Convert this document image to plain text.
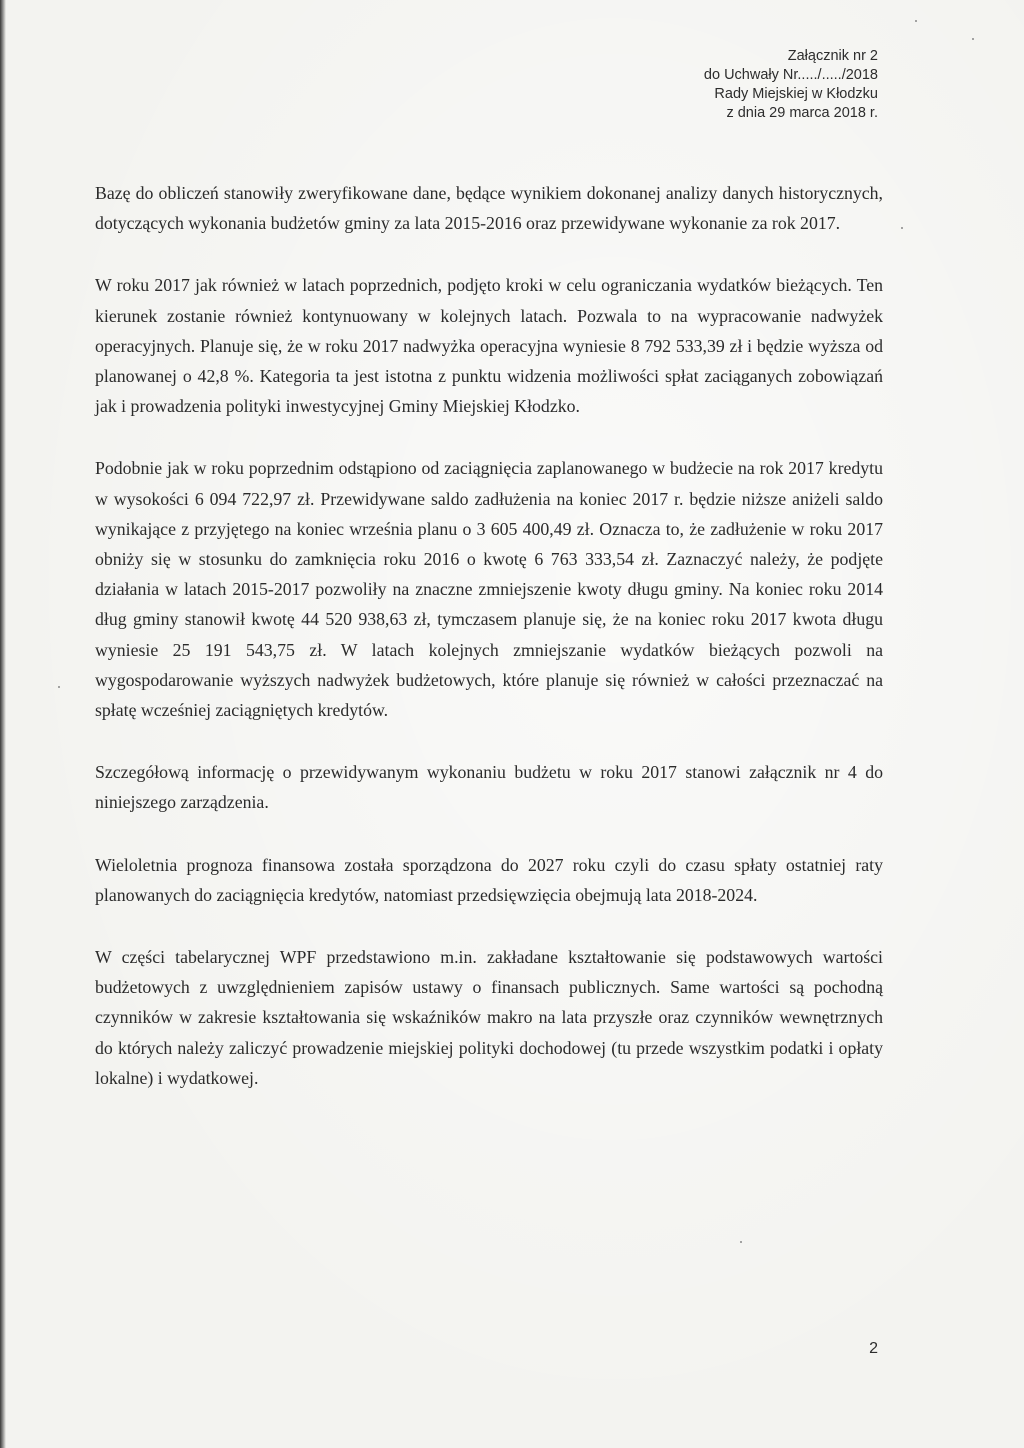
Załącznik nr 2
do Uchwały Nr...../...../2018
Rady Miejskiej w Kłodzku
z dnia 29 marca 2018 r.

Bazę do obliczeń stanowiły zweryfikowane dane, będące wynikiem dokonanej analizy danych historycznych, dotyczących wykonania budżetów gminy za lata 2015-2016 oraz przewidywane wykonanie za rok 2017.

W roku 2017 jak również w latach poprzednich, podjęto kroki w celu ograniczania wydatków bieżących. Ten kierunek zostanie również kontynuowany w kolejnych latach. Pozwala to na wypracowanie nadwyżek operacyjnych. Planuje się, że w roku 2017 nadwyżka operacyjna wyniesie 8 792 533,39 zł i będzie wyższa od planowanej o 42,8 %. Kategoria ta jest istotna z punktu widzenia możliwości spłat zaciąganych zobowiązań jak i prowadzenia polityki inwestycyjnej Gminy Miejskiej Kłodzko.

Podobnie jak w roku poprzednim odstąpiono od zaciągnięcia zaplanowanego w budżecie na rok 2017 kredytu w wysokości 6 094 722,97 zł. Przewidywane saldo zadłużenia na koniec 2017 r. będzie niższe aniżeli saldo wynikające z przyjętego na koniec września planu o 3 605 400,49 zł. Oznacza to, że zadłużenie w roku 2017 obniży się w stosunku do zamknięcia roku 2016 o kwotę 6 763 333,54 zł. Zaznaczyć należy, że podjęte działania w latach 2015-2017 pozwoliły na znaczne zmniejszenie kwoty długu gminy. Na koniec roku 2014 dług gminy stanowił kwotę 44 520 938,63 zł, tymczasem planuje się, że na koniec roku 2017 kwota długu wyniesie 25 191 543,75 zł. W latach kolejnych zmniejszanie wydatków bieżących pozwoli na wygospodarowanie wyższych nadwyżek budżetowych, które planuje się również w całości przeznaczać na spłatę wcześniej zaciągniętych kredytów.

Szczegółową informację o przewidywanym wykonaniu budżetu w roku 2017 stanowi załącznik nr 4 do niniejszego zarządzenia.

Wieloletnia prognoza finansowa została sporządzona do 2027 roku czyli do czasu spłaty ostatniej raty planowanych do zaciągnięcia kredytów, natomiast przedsięwzięcia obejmują lata 2018-2024.

W części tabelarycznej WPF przedstawiono m.in. zakładane kształtowanie się podstawowych wartości budżetowych z uwzględnieniem zapisów ustawy o finansach publicznych. Same wartości są pochodną czynników w zakresie kształtowania się wskaźników makro na lata przyszłe oraz czynników wewnętrznych do których należy zaliczyć prowadzenie miejskiej polityki dochodowej (tu przede wszystkim podatki i opłaty lokalne) i wydatkowej.

2
